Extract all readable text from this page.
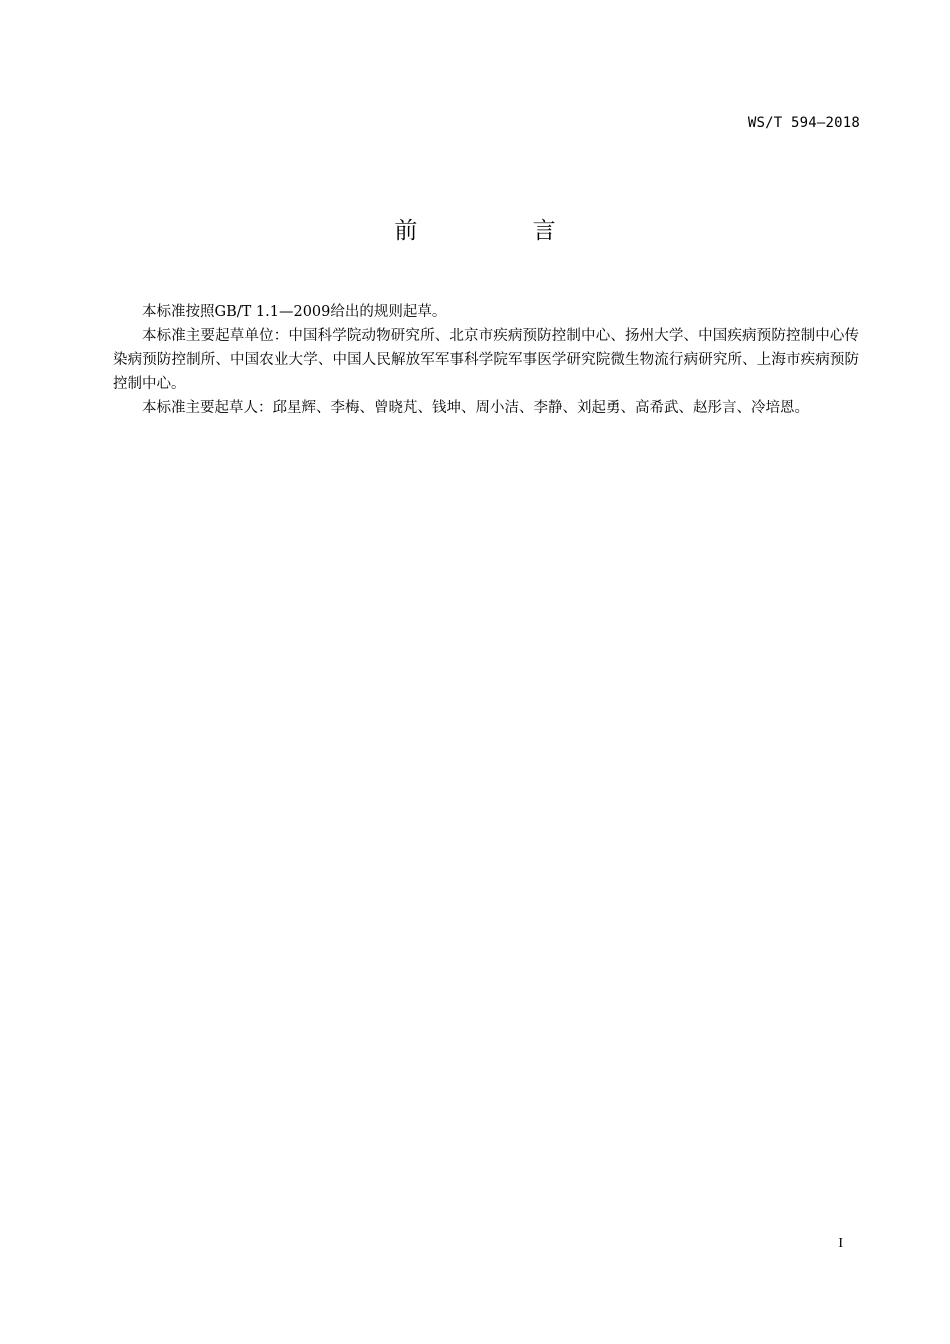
WS/T 594—2018
前 言

本标准按照GB/T 1.1—2009给出的规则起草。

本标准主要起草单位：中国科学院动物研究所、北京市疾病预防控制中心、扬州大学、中国疾病预防控制中心传染病预防控制所、中国农业大学、中国人民解放军军事科学院军事医学研究院微生物流行病研究所、上海市疾病预防控制中心。

本标准主要起草人：邱星辉、李梅、曾晓芃、钱坤、周小洁、李静、刘起勇、高希武、赵彤言、冷培恩。

I
